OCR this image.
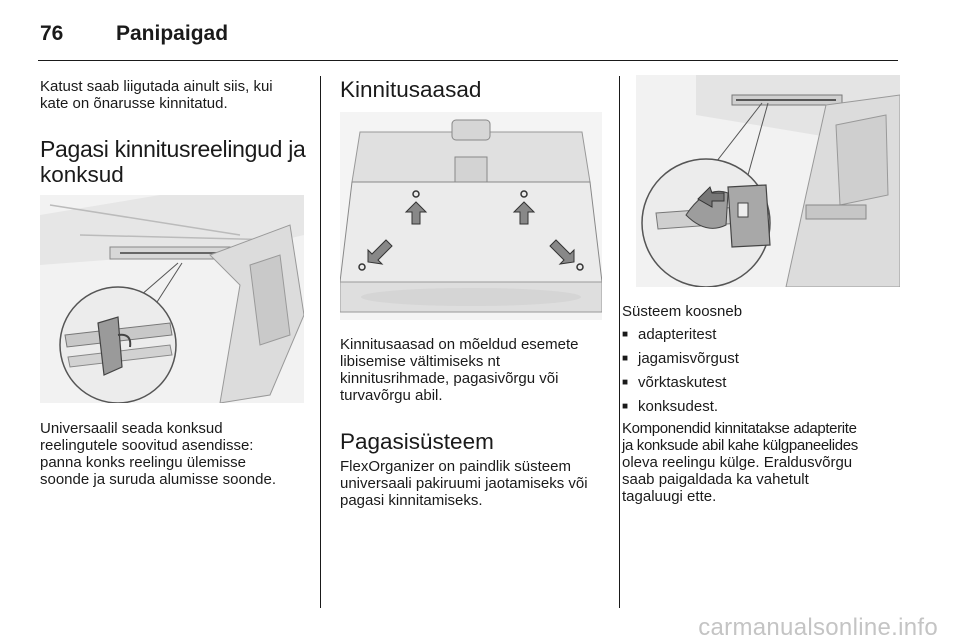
76	Panipaigad

Katust saab liigutada ainult siis, kui

kate on õnarusse kinnitatud.

Pagasi kinnitusreelingud ja
konksud

Universaalil seada konksud

reelingutele soovitud asendisse:

panna konks reelingu ülemisse

soonde ja suruda alumisse soonde.

Kinnitusaasad

Kinnitusaasad on mõeldud esemete

libisemise vältimiseks nt

kinnitusrihmade, pagasivõrgu või

turvavõrgu abil.

Pagasisüsteem

FlexOrganizer on paindlik süsteem

universaali pakiruumi jaotamiseks või

pagasi kinnitamiseks.

Süsteem koosneb

■ adapteritest
■ jagamisvõrgust
■ võrktaskutest
■ konksudest.

Komponendid kinnitatakse adapterite

ja konksude abil kahe külgpaneelides

oleva reelingu külge. Eraldusvõrgu

saab paigaldada ka vahetult

tagaluugi ette.

carmanualsonline.info
